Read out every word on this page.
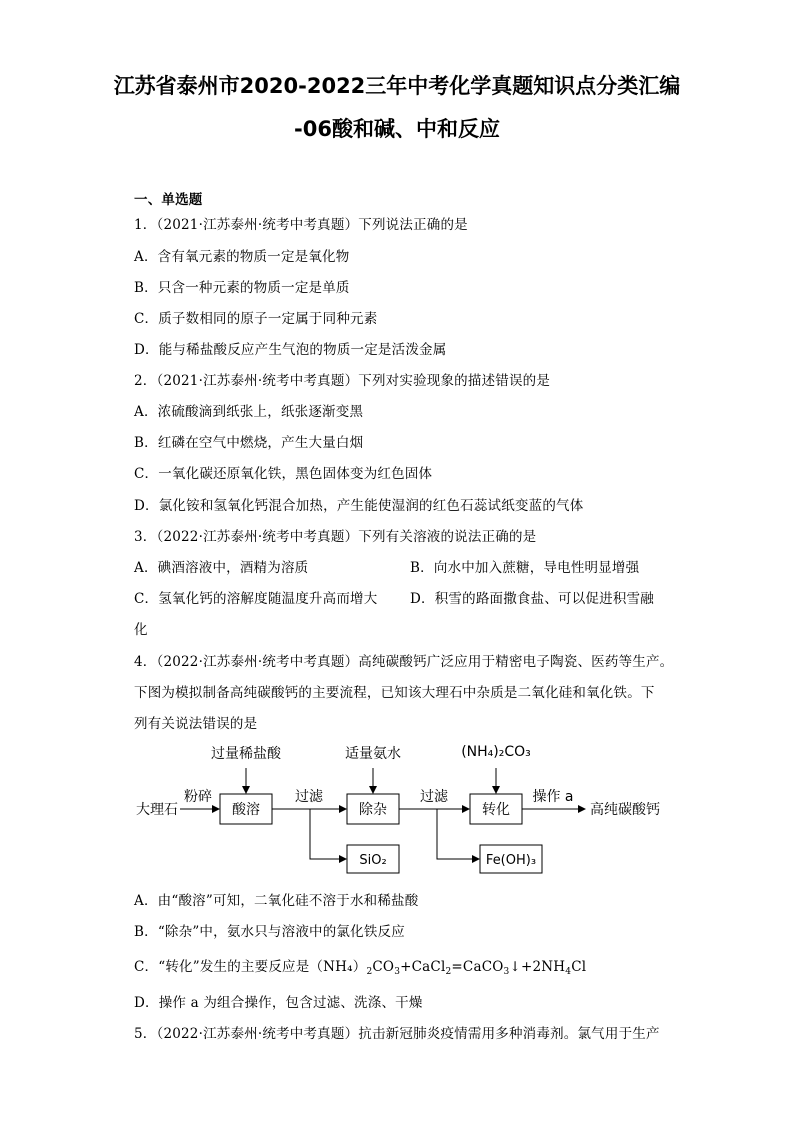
江苏省泰州市2020-2022三年中考化学真题知识点分类汇编
-06酸和碱、中和反应
一、单选题
1．（2021·江苏泰州·统考中考真题）下列说法正确的是
A．含有氧元素的物质一定是氧化物
B．只含一种元素的物质一定是单质
C．质子数相同的原子一定属于同种元素
D．能与稀盐酸反应产生气泡的物质一定是活泼金属
2．（2021·江苏泰州·统考中考真题）下列对实验现象的描述错误的是
A．浓硫酸滴到纸张上，纸张逐渐变黑
B．红磷在空气中燃烧，产生大量白烟
C．一氧化碳还原氧化铁，黑色固体变为红色固体
D．氯化铵和氢氧化钙混合加热，产生能使湿润的红色石蕊试纸变蓝的气体
3．（2022·江苏泰州·统考中考真题）下列有关溶液的说法正确的是
A．碘酒溶液中，酒精为溶质	B．向水中加入蔗糖，导电性明显增强
C．氢氧化钙的溶解度随温度升高而增大 D．积雪的路面撒食盐、可以促进积雪融
化
4．（2022·江苏泰州·统考中考真题）高纯碳酸钙广泛应用于精密电子陶瓷、医药等生产。
下图为模拟制备高纯碳酸钙的主要流程，已知该大理石中杂质是二氧化硅和氧化铁。下
列有关说法错误的是
过量稀盐酸	适量氨水	(NH₄)₂CO₃
粉碎
大理石	酸溶
过滤
除杂
过滤
转化
操作 a
高纯碳酸钙
SiO₂	Fe(OH)₃
A．由“酸溶”可知，二氧化硅不溶于水和稀盐酸
B．“除杂”中，氨水只与溶液中的氯化铁反应
C．“转化”发生的主要反应是$(NH_4)_2CO_3+CaCl_2=CaCO_3↓+2NH_4Cl$
D．操作 a 为组合操作，包含过滤、洗涤、干燥
5．（2022·江苏泰州·统考中考真题）抗击新冠肺炎疫情需用多种消毒剂。氯气用于生产
